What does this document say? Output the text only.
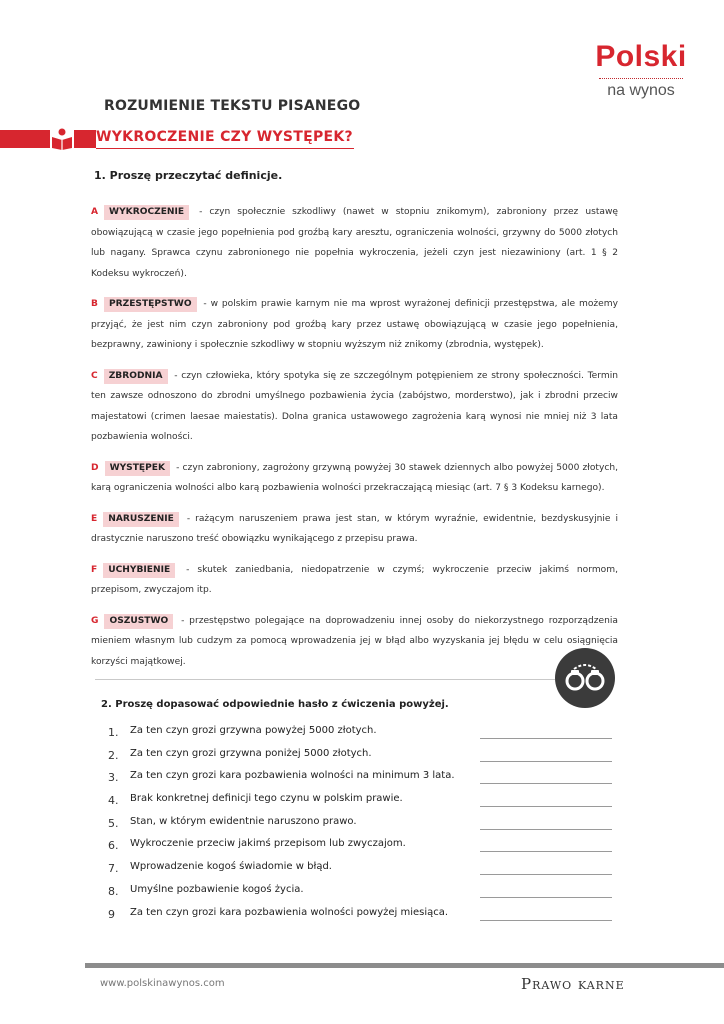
Polski
na wynos
ROZUMIENIE TEKSTU PISANEGO
WYKROCZENIE CZY WYSTĘPEK?
1. Proszę przeczytać definicje.
A WYKROCZENIE - czyn społecznie szkodliwy (nawet w stopniu znikomym), zabroniony przez ustawę obowiązującą w czasie jego popełnienia pod groźbą kary aresztu, ograniczenia wolności, grzywny do 5000 złotych lub nagany. Sprawca czynu zabronionego nie popełnia wykroczenia, jeżeli czyn jest niezawiniony (art. 1 § 2 Kodeksu wykroczeń).
B PRZESTĘPSTWO - w polskim prawie karnym nie ma wprost wyrażonej definicji przestępstwa, ale możemy przyjąć, że jest nim czyn zabroniony pod groźbą kary przez ustawę obowiązującą w czasie jego popełnienia, bezprawny, zawiniony i społecznie szkodliwy w stopniu wyższym niż znikomy (zbrodnia, występek).
C ZBRODNIA - czyn człowieka, który spotyka się ze szczególnym potępieniem ze strony społeczności. Termin ten zawsze odnoszono do zbrodni umyślnego pozbawienia życia (zabójstwo, morderstwo), jak i zbrodni przeciw majestatowi (crimen laesae maiestatis). Dolna granica ustawowego zagrożenia karą wynosi nie mniej niż 3 lata pozbawienia wolności.
D WYSTĘPEK - czyn zabroniony, zagrożony grzywną powyżej 30 stawek dziennych albo powyżej 5000 złotych, karą ograniczenia wolności albo karą pozbawienia wolności przekraczającą miesiąc (art. 7 § 3 Kodeksu karnego).
E NARUSZENIE - rażącym naruszeniem prawa jest stan, w którym wyraźnie, ewidentnie, bezdyskusyjnie i drastycznie naruszono treść obowiązku wynikającego z przepisu prawa.
F UCHYBIENIE - skutek zaniedbania, niedopatrzenie w czymś; wykroczenie przeciw jakimś normom, przepisom, zwyczajom itp.
G OSZUSTWO - przestępstwo polegające na doprowadzeniu innej osoby do niekorzystnego rozporządzenia mieniem własnym lub cudzym za pomocą wprowadzenia jej w błąd albo wyzyskania jej błędu w celu osiągnięcia korzyści majątkowej.
2. Proszę dopasować odpowiednie hasło z ćwiczenia powyżej.
1. Za ten czyn grozi grzywna powyżej 5000 złotych.
2. Za ten czyn grozi grzywna poniżej 5000 złotych.
3. Za ten czyn grozi kara pozbawienia wolności na minimum 3 lata.
4. Brak konkretnej definicji tego czynu w polskim prawie.
5. Stan, w którym ewidentnie naruszono prawo.
6. Wykroczenie przeciw jakimś przepisom lub zwyczajom.
7. Wprowadzenie kogoś świadomie w błąd.
8. Umyślne pozbawienie kogoś życia.
9 Za ten czyn grozi kara pozbawienia wolności powyżej miesiąca.
www.polskinawynos.com	Prawo karne
